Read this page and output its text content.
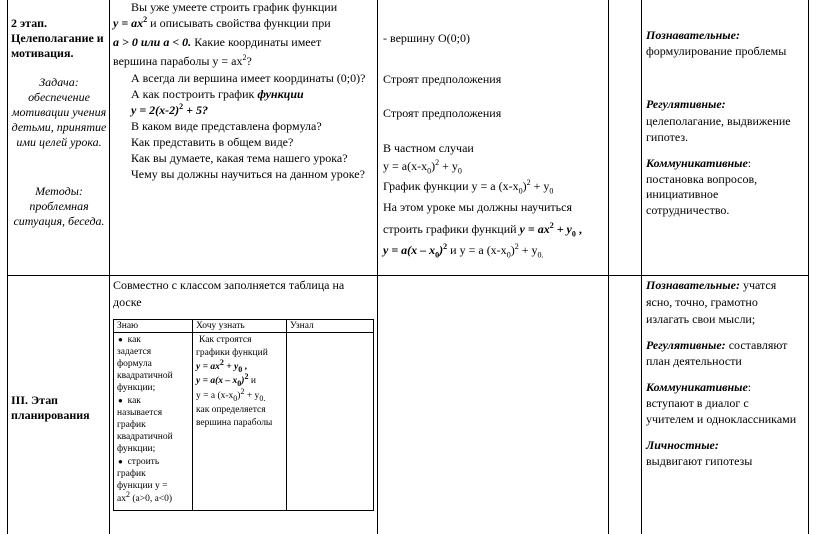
2 этап. Целеполагание и мотивация.
Задача:
обеспечение мотивации учения детьми, принятие ими целей урока.
Методы:
проблемная ситуация, беседа.
Вы уже умеете строить график функции
$y = ax^2$ и описывать свойства функции при
a > 0 или a < 0. Какие координаты имеет
вершина параболы $y = ax^2$?
А всегда ли вершина имеет координаты (0;0)?
А как построить график функции
$y = 2(x-2)^2 + 5$?
В каком виде представлена формула?
Как представить в общем виде?
Как вы думаете, какая тема нашего урока?
Чему вы должны научиться на данном уроке?
- вершину О(0;0)
Строят предположения
Строят предположения
В частном случаи
$у = а(х-х_0)^2 + y_0$
График функции у = а $(х-х_0)^2 + y_0$
На этом уроке мы должны научиться
строить графики функций $y = ax^2 + y_0$ ,
$y = a(x - x_0)^2$ и у = а $(х-х_0)^2 + y_{0.}$
Познавательные:
формулирование проблемы
Регулятивные:
целеполагание, выдвижение
гипотез.
Коммуникативные:
постановка вопросов,
инициативное
сотрудничество.
III. Этап планирования
Совместно с классом заполняется таблица на
доске
Знаю	Хочу узнать	Узнал
● как
задается
формула
квадратичной
функции;
● как
называется
график
квадратичной
функции;
● строить
график
функции у =
$ах^2$ (а>0, а<0)
Как строятся
графики функций
$y = ax^2 + y_0$ ,
$y = a(x - x_0)^2$ и
у = а $(х-х_0)^2 + y_{0.}$
как определяется
вершина параболы
Познавательные: учатся
ясно, точно, грамотно
излагать свои мысли;
Регулятивные: составляют
план деятельности
Коммуникативные:
вступают в диалог с
учителем и одноклассниками
Личностные:
выдвигают гипотезы
